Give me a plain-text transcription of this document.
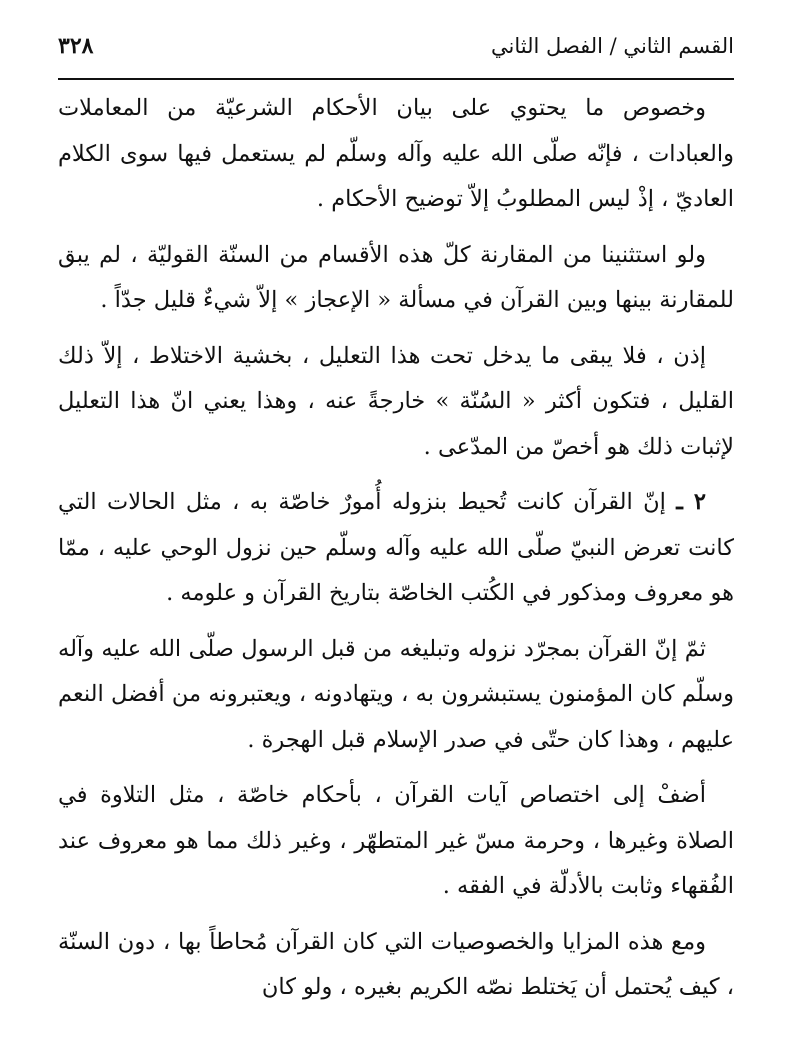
القسم الثاني / الفصل الثاني
٣٢٨

وخصوص ما يحتوي على بيان الأحكام الشرعيّة من المعاملات والعبادات ، فإنّه صلّى الله عليه وآله وسلّم لم يستعمل فيها سوى الكلام العاديّ ، إذْ ليس المطلوبُ إلاّ توضيح الأحكام .

ولو استثنينا من المقارنة كلّ هذه الأقسام من السنّة القوليّة ، لم يبق للمقارنة بينها وبين القرآن في مسألة « الإعجاز » إلاّ شيءٌ قليل جدّاً .

إذن ، فلا يبقى ما يدخل تحت هذا التعليل ، بخشية الاختلاط ، إلاّ ذلك القليل ، فتكون أكثر « السُنّة » خارجةً عنه ، وهذا يعني انّ هذا التعليل لإثبات ذلك هو أخصّ من المدّعى .

٢ ـ إنّ القرآن كانت تُحيط بنزوله أُمورٌ خاصّة به ، مثل الحالات التي كانت تعرض النبيّ صلّى الله عليه وآله وسلّم حين نزول الوحي عليه ، ممّا هو معروف ومذكور في الكُتب الخاصّة بتاريخ القرآن و علومه .

ثمّ إنّ القرآن بمجرّد نزوله وتبليغه من قبل الرسول صلّى الله عليه وآله وسلّم كان المؤمنون يستبشرون به ، ويتهادونه ، ويعتبرونه من أفضل النعم عليهم ، وهذا كان حتّى في صدر الإسلام قبل الهجرة .

أضفْ إلى اختصاص آيات القرآن ، بأحكام خاصّة ، مثل التلاوة في الصلاة وغيرها ، وحرمة مسّ غير المتطهّر ، وغير ذلك مما هو معروف عند الفُقهاء وثابت بالأدلّة في الفقه .

ومع هذه المزايا والخصوصيات التي كان القرآن مُحاطاً بها ، دون السنّة ، كيف يُحتمل أن يَختلط نصّه الكريم بغيره ، ولو كان
